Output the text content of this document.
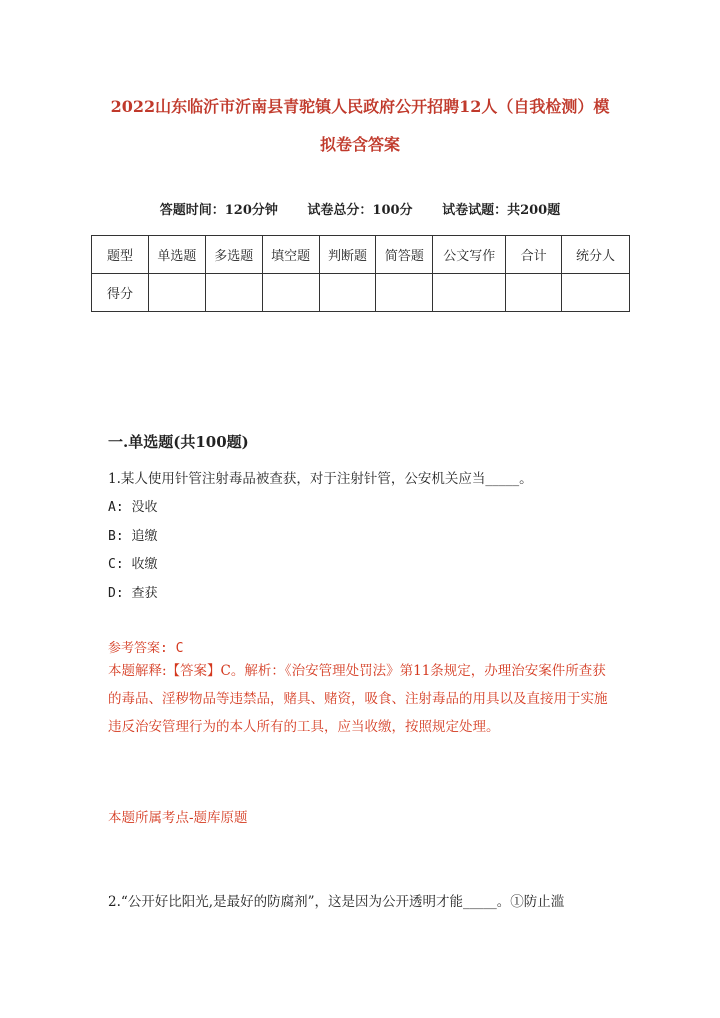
2022山东临沂市沂南县青驼镇人民政府公开招聘12人（自我检测）模拟卷含答案
答题时间：120分钟 试卷总分：100分 试卷试题：共200题
题型	单选题	多选题	填空题	判断题	简答题	公文写作	合计	统分人
得分								
一.单选题(共100题)

1.某人使用针管注射毒品被查获，对于注射针管，公安机关应当_____。

A: 没收

B: 追缴

C: 收缴

D: 查获

参考答案: C

本题解释:【答案】C。解析：《治安管理处罚法》第11条规定，办理治安案件所查获的毒品、淫秽物品等违禁品，赌具、赌资，吸食、注射毒品的用具以及直接用于实施违反治安管理行为的本人所有的工具，应当收缴，按照规定处理。

本题所属考点-题库原题

2.“公开好比阳光,是最好的防腐剂”，这是因为公开透明才能_____。①防止滥
